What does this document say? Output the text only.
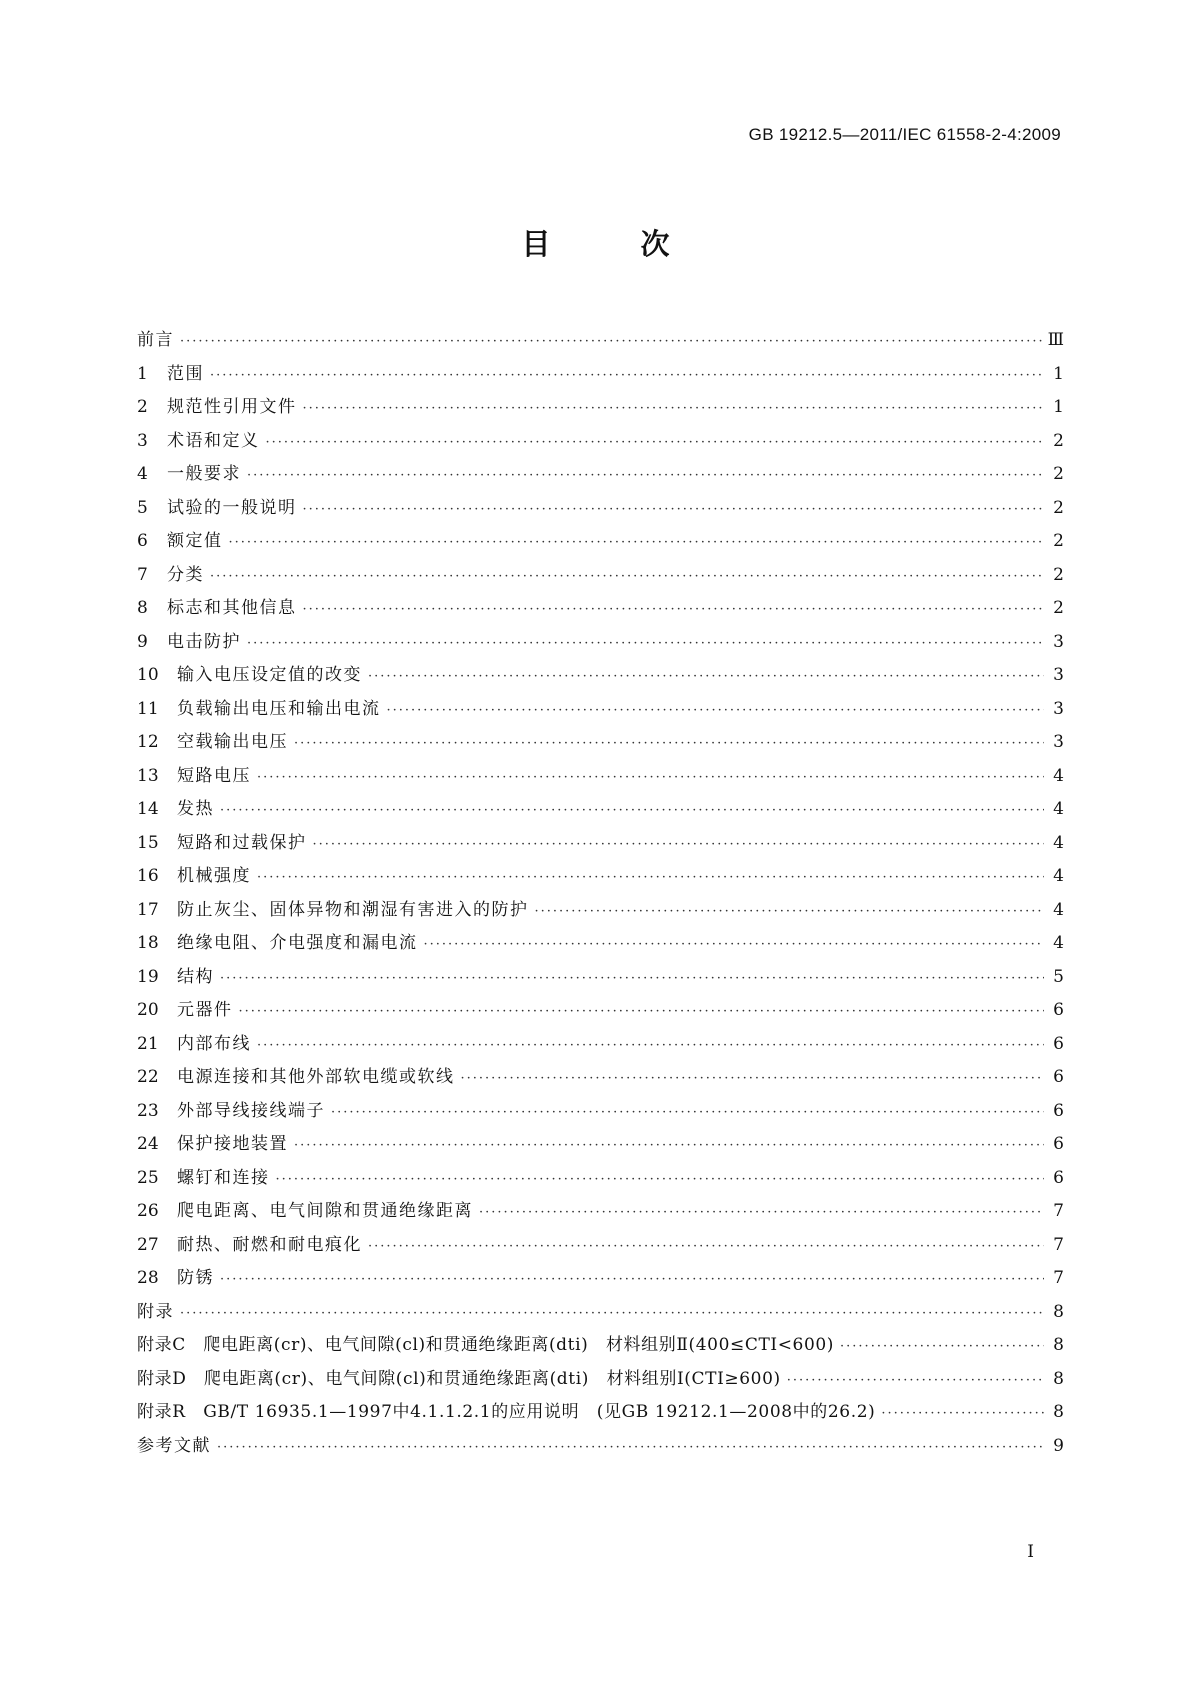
GB 19212.5—2011/IEC 61558-2-4:2009
目 次
前言 ·····	Ⅲ
1	范围 ·····	1
2	规范性引用文件 ·····	1
3	术语和定义 ·····	2
4	一般要求 ·····	2
5	试验的一般说明 ·····	2
6	额定值 ·····	2
7	分类 ·····	2
8	标志和其他信息 ·····	2
9	电击防护 ·····	3
10	输入电压设定值的改变 ·····	3
11	负载输出电压和输出电流 ·····	3
12	空载输出电压 ·····	3
13	短路电压 ·····	4
14	发热 ·····	4
15	短路和过载保护 ·····	4
16	机械强度 ·····	4
17	防止灰尘、固体异物和潮湿有害进入的防护 ·····	4
18	绝缘电阻、介电强度和漏电流 ·····	4
19	结构 ·····	5
20	元器件 ·····	6
21	内部布线 ·····	6
22	电源连接和其他外部软电缆或软线 ·····	6
23	外部导线接线端子 ·····	6
24	保护接地装置 ·····	6
25	螺钉和连接 ·····	6
26	爬电距离、电气间隙和贯通绝缘距离 ·····	7
27	耐热、耐燃和耐电痕化 ·····	7
28	防锈 ·····	7
附录 ·····	8
附录C　爬电距离(cr)、电气间隙(cl)和贯通绝缘距离(dti)　材料组别Ⅱ(400≤CTI<600) ·····	8
附录D　爬电距离(cr)、电气间隙(cl)和贯通绝缘距离(dti)　材料组别Ⅰ(CTI≥600) ·····	8
附录R　GB/T 16935.1—1997中4.1.1.2.1的应用说明　(见GB 19212.1—2008中的26.2) ·····	8
参考文献 ·····	9
I
